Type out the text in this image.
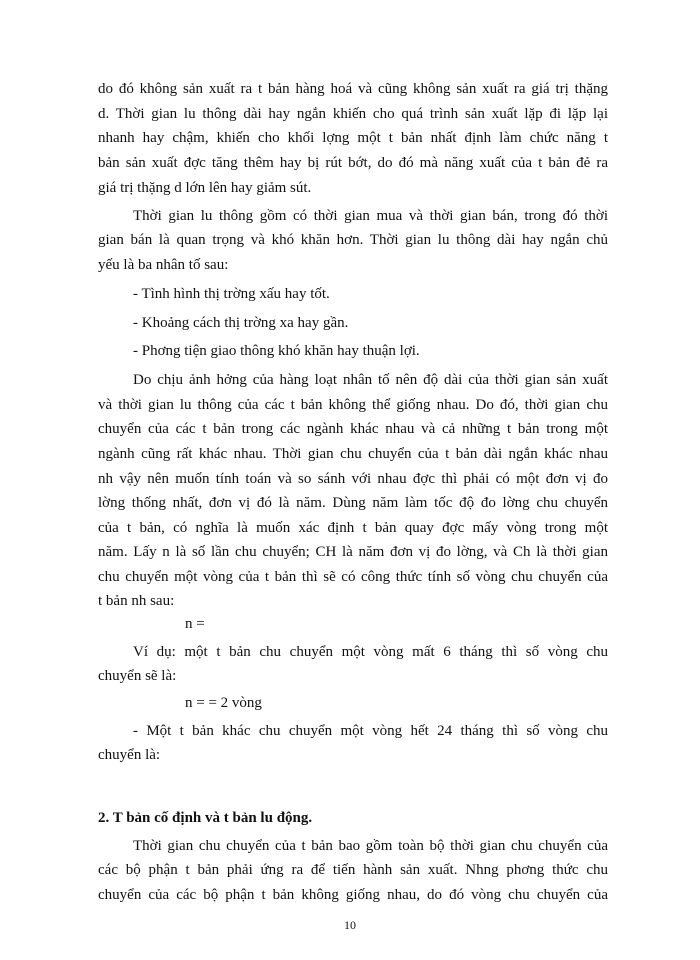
do đó không sản xuất ra t bản hàng hoá và cũng không sản xuất ra giá trị thặng
d. Thời gian lu thông dài hay ngắn khiến cho quá trình sản xuất lặp đi lặp lại
nhanh hay chậm, khiến cho khối lợng một t bản nhất định làm chức năng t
bản sản xuất đợc tăng thêm hay bị rút bớt, do đó mà năng xuất của t bản đẻ ra
giá trị thặng d lớn lên hay giảm sút.
Thời gian lu thông gồm có thời gian mua và thời gian bán, trong đó thời
gian bán là quan trọng và khó khăn hơn. Thời gian lu thông dài hay ngắn chủ
yếu là ba nhân tố sau:
- Tình hình thị trờng xấu hay tốt.
- Khoảng cách thị trờng xa hay gần.
- Phơng tiện giao thông khó khăn hay thuận lợi.
Do chịu ảnh hởng của hàng loạt nhân tố nên độ dài của thời gian sản xuất
và thời gian lu thông của các t bản không thể giống nhau. Do đó, thời gian chu
chuyển của các t bản trong các ngành khác nhau và cả những t bản trong một
ngành cũng rất khác nhau. Thời gian chu chuyển của t bản dài ngắn khác nhau
nh vậy nên muốn tính toán và so sánh với nhau đợc thì phải có một đơn vị đo
lờng thống nhất, đơn vị đó là năm. Dùng năm làm tốc độ đo lờng chu chuyển
của t bản, có nghĩa là muốn xác định t bản quay đợc mấy vòng trong một
năm. Lấy n là số lần chu chuyển; CH là năm đơn vị đo lờng, và Ch là thời gian
chu chuyển một vòng của t bản thì sẽ có công thức tính số vòng chu chuyển của
t bản nh sau:
n =
Ví dụ: một t bản chu chuyển một vòng mất 6 tháng thì số vòng chu
chuyển sẽ là:
n = = 2 vòng
- Một t bản khác chu chuyển một vòng hết 24 tháng thì số vòng chu
chuyển là:
2. T bản cố định và t bản lu động.
Thời gian chu chuyển của t bản bao gồm toàn bộ thời gian chu chuyển của
các bộ phận t bản phải ứng ra để tiến hành sản xuất. Nhng phơng thức chu
chuyển của các bộ phận t bản không giống nhau, do đó vòng chu chuyển của
10
